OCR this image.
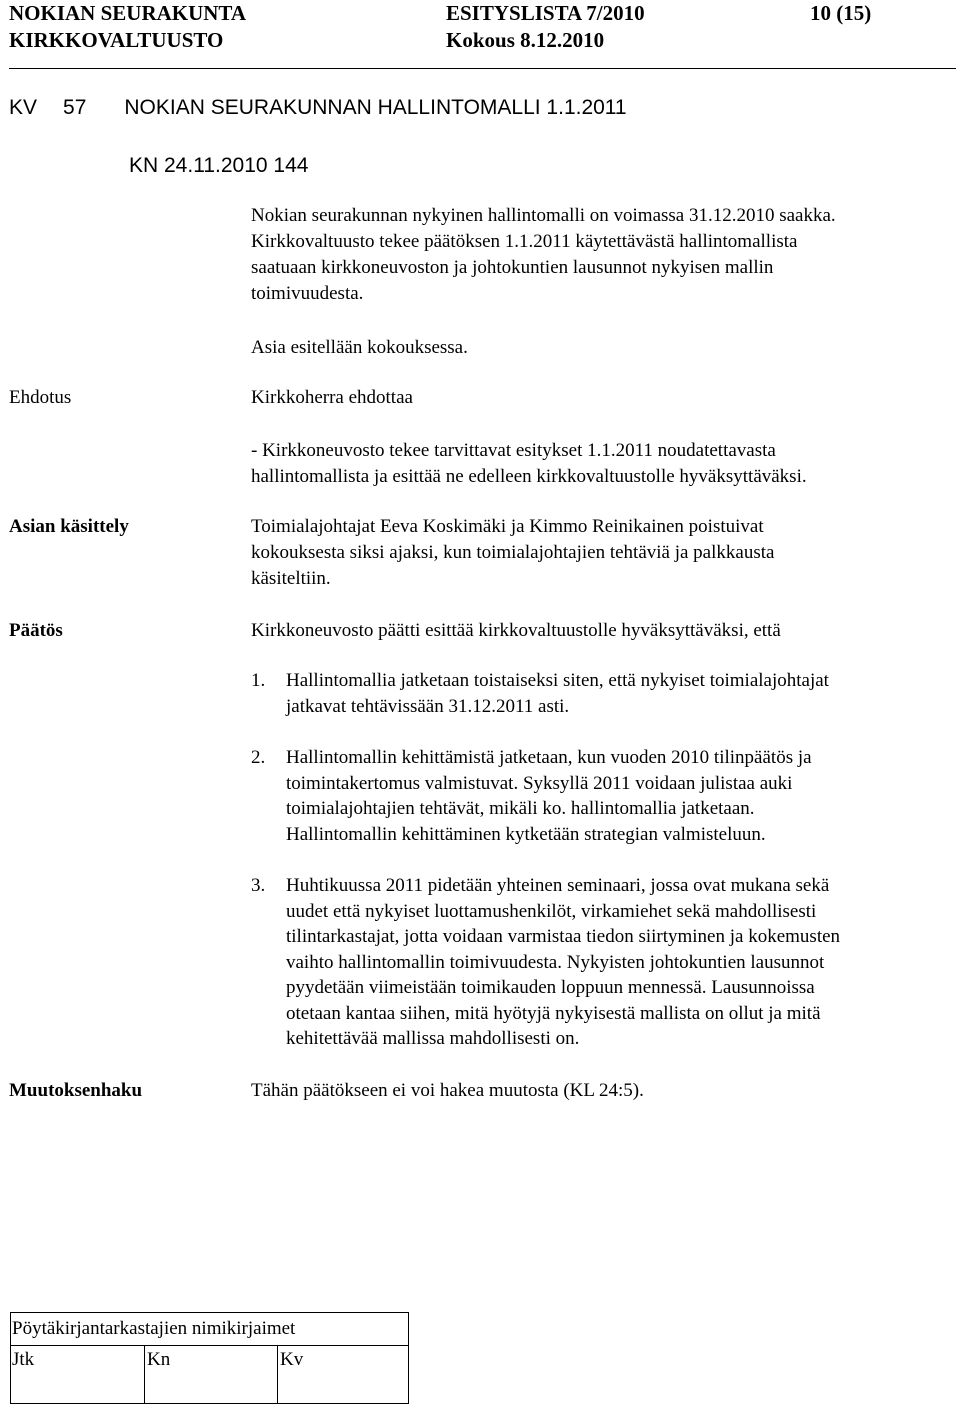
NOKIAN SEURAKUNTA	ESITYSLISTA 7/2010	10 (15)
KIRKKOVALTUUSTO	Kokous 8.12.2010
KV 57 NOKIAN SEURAKUNNAN HALLINTOMALLI 1.1.2011
KN 24.11.2010 144
Nokian seurakunnan nykyinen hallintomalli on voimassa 31.12.2010 saakka.
Kirkkovaltuusto tekee päätöksen 1.1.2011 käytettävästä hallintomallista
saatuaan kirkkoneuvoston ja johtokuntien lausunnot nykyisen mallin
toimivuudesta.
Asia esitellään kokouksessa.
Ehdotus	Kirkkoherra ehdottaa
- Kirkkoneuvosto tekee tarvittavat esitykset 1.1.2011 noudatettavasta
hallintomallista ja esittää ne edelleen kirkkovaltuustolle hyväksyttäväksi.
Asian käsittely	Toimialajohtajat Eeva Koskimäki ja Kimmo Reinikainen poistuivat
kokouksesta siksi ajaksi, kun toimialajohtajien tehtäviä ja palkkausta
käsiteltiin.
Päätös	Kirkkoneuvosto päätti esittää kirkkovaltuustolle hyväksyttäväksi, että
1. Hallintomallia jatketaan toistaiseksi siten, että nykyiset toimialajohtajat
jatkavat tehtävissään 31.12.2011 asti.
2. Hallintomallin kehittämistä jatketaan, kun vuoden 2010 tilinpäätös ja
toimintakertomus valmistuvat. Syksyllä 2011 voidaan julistaa auki
toimialajohtajien tehtävät, mikäli ko. hallintomallia jatketaan.
Hallintomallin kehittäminen kytketään strategian valmisteluun.
3. Huhtikuussa 2011 pidetään yhteinen seminaari, jossa ovat mukana sekä
uudet että nykyiset luottamushenkilöt, virkamiehet sekä mahdollisesti
tilintarkastajat, jotta voidaan varmistaa tiedon siirtyminen ja kokemusten
vaihto hallintomallin toimivuudesta. Nykyisten johtokuntien lausunnot
pyydetään viimeistään toimikauden loppuun mennessä. Lausunnoissa
otetaan kantaa siihen, mitä hyötyjä nykyisestä mallista on ollut ja mitä
kehitettävää mallissa mahdollisesti on.
Muutoksenhaku	Tähän päätökseen ei voi hakea muutosta (KL 24:5).
Pöytäkirjantarkastajien nimikirjaimet
Jtk	Kn	Kv
